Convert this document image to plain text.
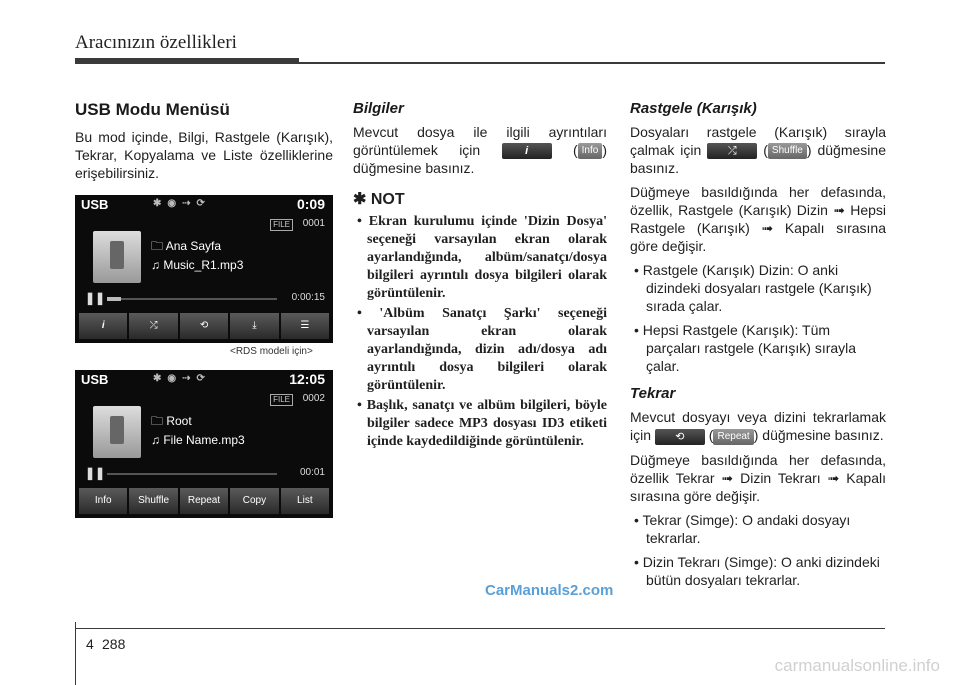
Aracınızın özellikleri
USB Modu Menüsü

Bu mod içinde, Bilgi, Rastgele (Karışık), Tekrar, Kopyalama ve Liste özelliklerine erişebilirsiniz.

USB	✱◉⇢⟳	0:09
FILE	0001
🗀 Ana Sayfa
♫ Music_R1.mp3
❚❚	0:00:15
i	⤮	⟲	⤓	☰
<RDS modeli için>
USB	✱◉⇢⟳	12:05
FILE	0002
🗀 Root
♫ File Name.mp3
❚❚	00:01
Info	Shuffle	Repeat	Copy	List
Bilgiler

Mevcut dosya ile ilgili ayrıntıları görüntülemek için	i ( Info ) düğmesine basınız.

✱ NOT
• Ekran kurulumu içinde 'Dizin Dosya' seçeneği varsayılan ekran olarak ayarlandığında, albüm/sanatçı/dosya bilgileri ayrıntılı dosya bilgileri olarak görüntülenir.
• 'Albüm Sanatçı Şarkı' seçeneği varsayılan ekran olarak ayarlandığında, dizin adı/dosya adı ayrıntılı dosya bilgileri olarak görüntülenir.
• Başlık, sanatçı ve albüm bilgileri, böyle bilgiler sadece MP3 dosyası ID3 etiketi içinde kaydedildiğinde görüntülenir.
Rastgele (Karışık)

Dosyaları rastgele (Karışık) sırayla çalmak için ⤮ ( Shuffle ) düğmesine basınız.

Düğmeye basıldığında her defasında, özellik, Rastgele (Karışık) Dizin ➟ Hepsi Rastgele (Karışık) ➟ Kapalı sırasına göre değişir.

• Rastgele (Karışık) Dizin: O anki dizindeki dosyaları rastgele (Karışık) sırada çalar.
• Hepsi Rastgele (Karışık): Tüm parçaları rastgele (Karışık) sırayla çalar.
Tekrar

Mevcut dosyayı veya dizini tekrarlamak için ⟲ ( Repeat ) düğmesine basınız.

Düğmeye basıldığında her defasında, özellik Tekrar ➟ Dizin Tekrarı ➟ Kapalı sırasına göre değişir.

• Tekrar (Simge): O andaki dosyayı tekrarlar.
• Dizin Tekrarı (Simge): O anki dizindeki bütün dosyaları tekrarlar.
CarManuals2.com
4 288
carmanualsonline.info
